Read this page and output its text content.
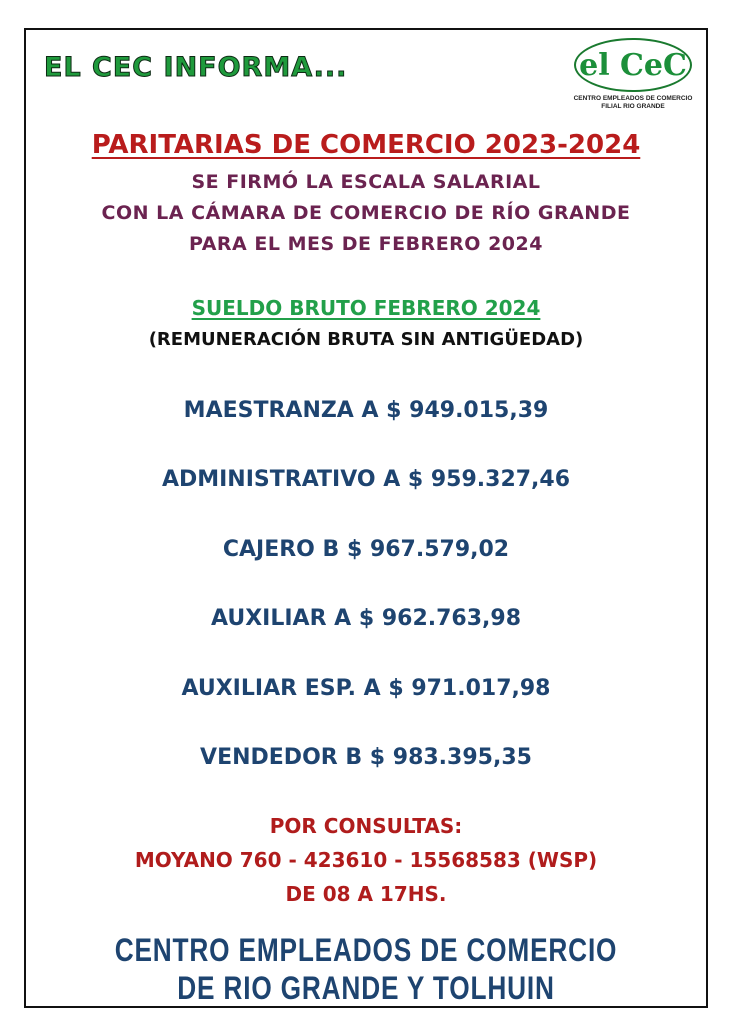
EL CEC INFORMA...	el CeC
CENTRO EMPLEADOS DE COMERCIO
FILIAL RIO GRANDE
PARITARIAS DE COMERCIO 2023-2024
SE FIRMÓ LA ESCALA SALARIAL
CON LA CÁMARA DE COMERCIO DE RÍO GRANDE
PARA EL MES DE FEBRERO 2024
SUELDO BRUTO FEBRERO 2024
(REMUNERACIÓN BRUTA SIN ANTIGÜEDAD)
MAESTRANZA A $ 949.015,39
ADMINISTRATIVO A $ 959.327,46
CAJERO B $ 967.579,02
AUXILIAR A $ 962.763,98
AUXILIAR ESP. A $ 971.017,98
VENDEDOR B $ 983.395,35
POR CONSULTAS:
MOYANO 760 - 423610 - 15568583 (WSP)
DE 08 A 17HS.
CENTRO EMPLEADOS DE COMERCIO
DE RIO GRANDE Y TOLHUIN
